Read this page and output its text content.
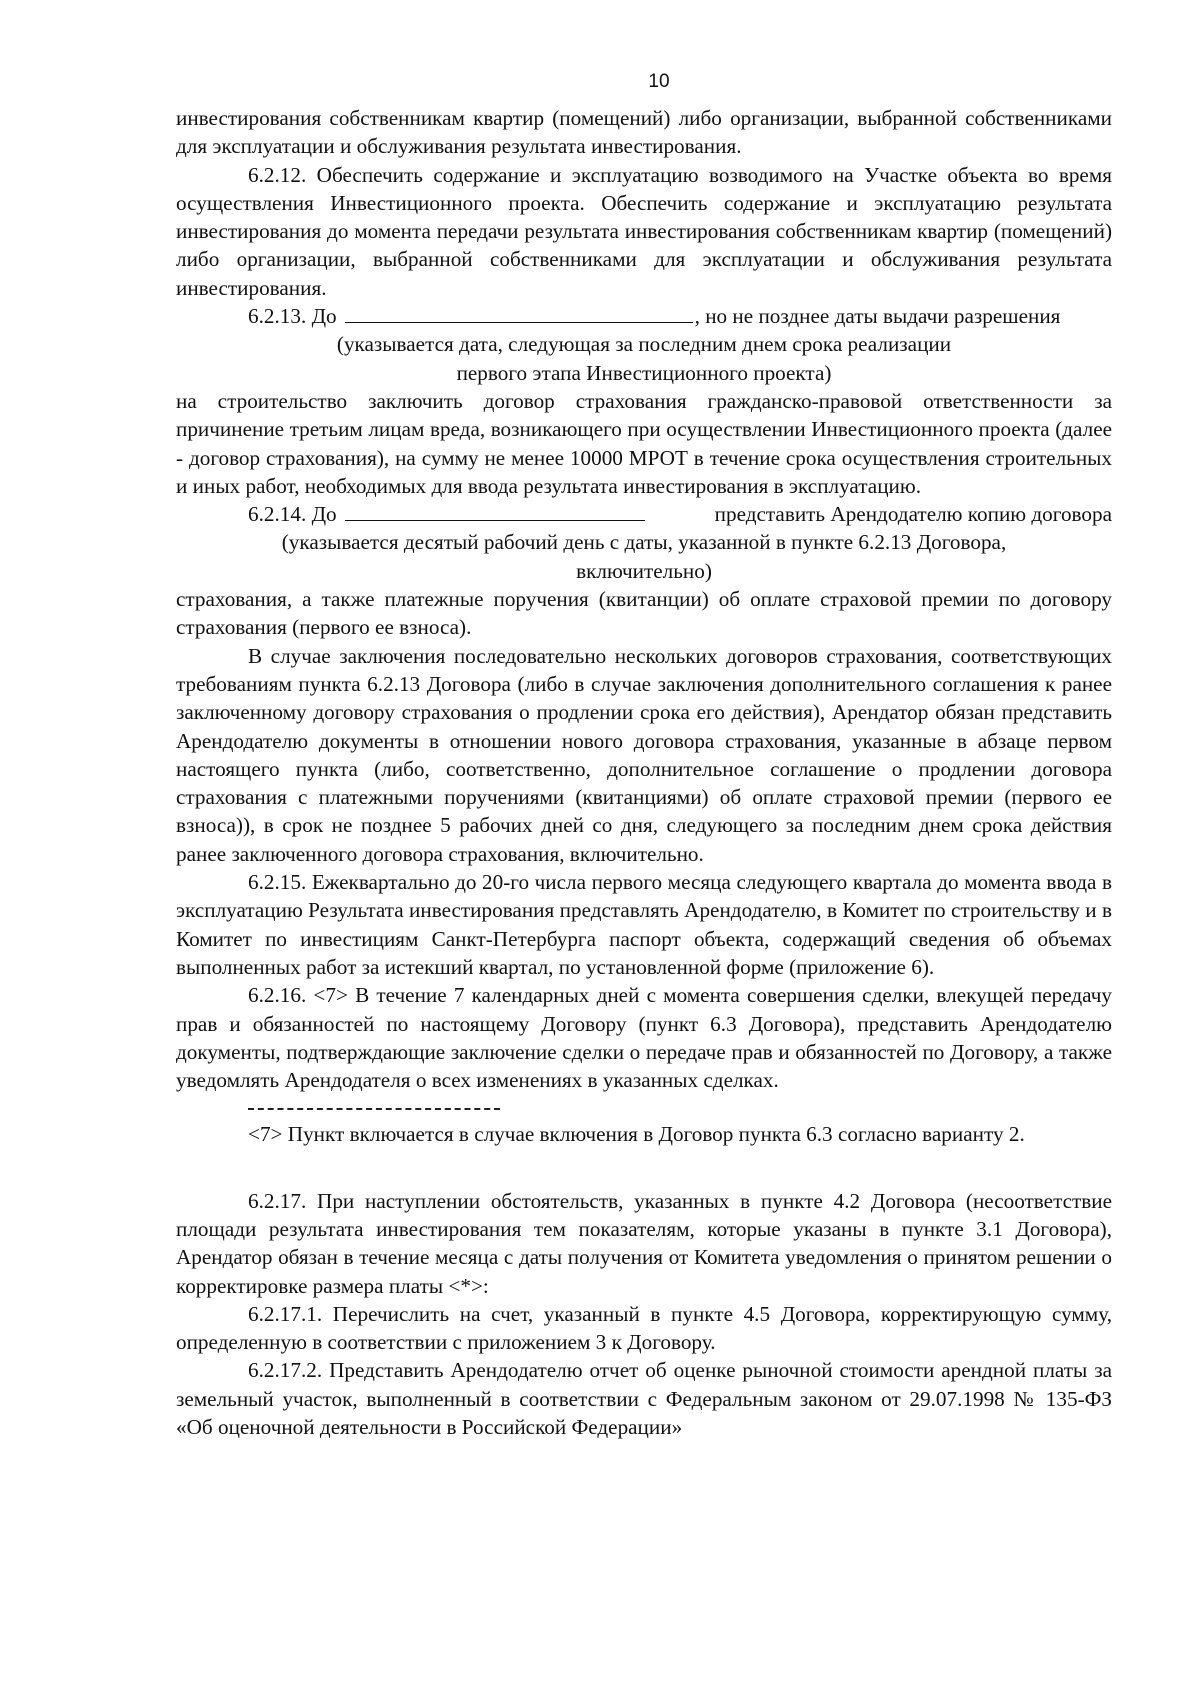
10

инвестирования собственникам квартир (помещений) либо организации, выбранной собственниками для эксплуатации и обслуживания результата инвестирования.

6.2.12. Обеспечить содержание и эксплуатацию возводимого на Участке объекта во время осуществления Инвестиционного проекта. Обеспечить содержание и эксплуатацию результата инвестирования до момента передачи результата инвестирования собственникам квартир (помещений) либо организации, выбранной собственниками для эксплуатации и обслуживания результата инвестирования.

6.2.13. До	, но не позднее даты выдачи разрешения

(указывается дата, следующая за последним днем срока реализации

первого этапа Инвестиционного проекта)

на строительство заключить договор страхования гражданско-правовой ответственности за причинение третьим лицам вреда, возникающего при осуществлении Инвестиционного проекта (далее - договор страхования), на сумму не менее 10000 МРОТ в течение срока осуществления строительных и иных работ, необходимых для ввода результата инвестирования в эксплуатацию.

6.2.14. До	представить Арендодателю копию договора

(указывается десятый рабочий день с даты, указанной в пункте 6.2.13 Договора,

включительно)

страхования, а также платежные поручения (квитанции) об оплате страховой премии по договору страхования (первого ее взноса).

В случае заключения последовательно нескольких договоров страхования, соответствующих требованиям пункта 6.2.13 Договора (либо в случае заключения дополнительного соглашения к ранее заключенному договору страхования о продлении срока его действия), Арендатор обязан представить Арендодателю документы в отношении нового договора страхования, указанные в абзаце первом настоящего пункта (либо, соответственно, дополнительное соглашение о продлении договора страхования с платежными поручениями (квитанциями) об оплате страховой премии (первого ее взноса)), в срок не позднее 5 рабочих дней со дня, следующего за последним днем срока действия ранее заключенного договора страхования, включительно.

6.2.15. Ежеквартально до 20-го числа первого месяца следующего квартала до момента ввода в эксплуатацию Результата инвестирования представлять Арендодателю, в Комитет по строительству и в Комитет по инвестициям Санкт-Петербурга паспорт объекта, содержащий сведения об объемах выполненных работ за истекший квартал, по установленной форме (приложение 6).

6.2.16. <7> В течение 7 календарных дней с момента совершения сделки, влекущей передачу прав и обязанностей по настоящему Договору (пункт 6.3 Договора), представить Арендодателю документы, подтверждающие заключение сделки о передаче прав и обязанностей по Договору, а также уведомлять Арендодателя о всех изменениях в указанных сделках.

<7> Пункт включается в случае включения в Договор пункта 6.3 согласно варианту 2.

6.2.17. При наступлении обстоятельств, указанных в пункте 4.2 Договора (несоответствие площади результата инвестирования тем показателям, которые указаны в пункте 3.1 Договора), Арендатор обязан в течение месяца с даты получения от Комитета уведомления о принятом решении о корректировке размера платы <*>:

6.2.17.1. Перечислить на счет, указанный в пункте 4.5 Договора, корректирующую сумму, определенную в соответствии с приложением 3 к Договору.

6.2.17.2. Представить Арендодателю отчет об оценке рыночной стоимости арендной платы за земельный участок, выполненный в соответствии с Федеральным законом от 29.07.1998 № 135-ФЗ «Об оценочной деятельности в Российской Федерации»
